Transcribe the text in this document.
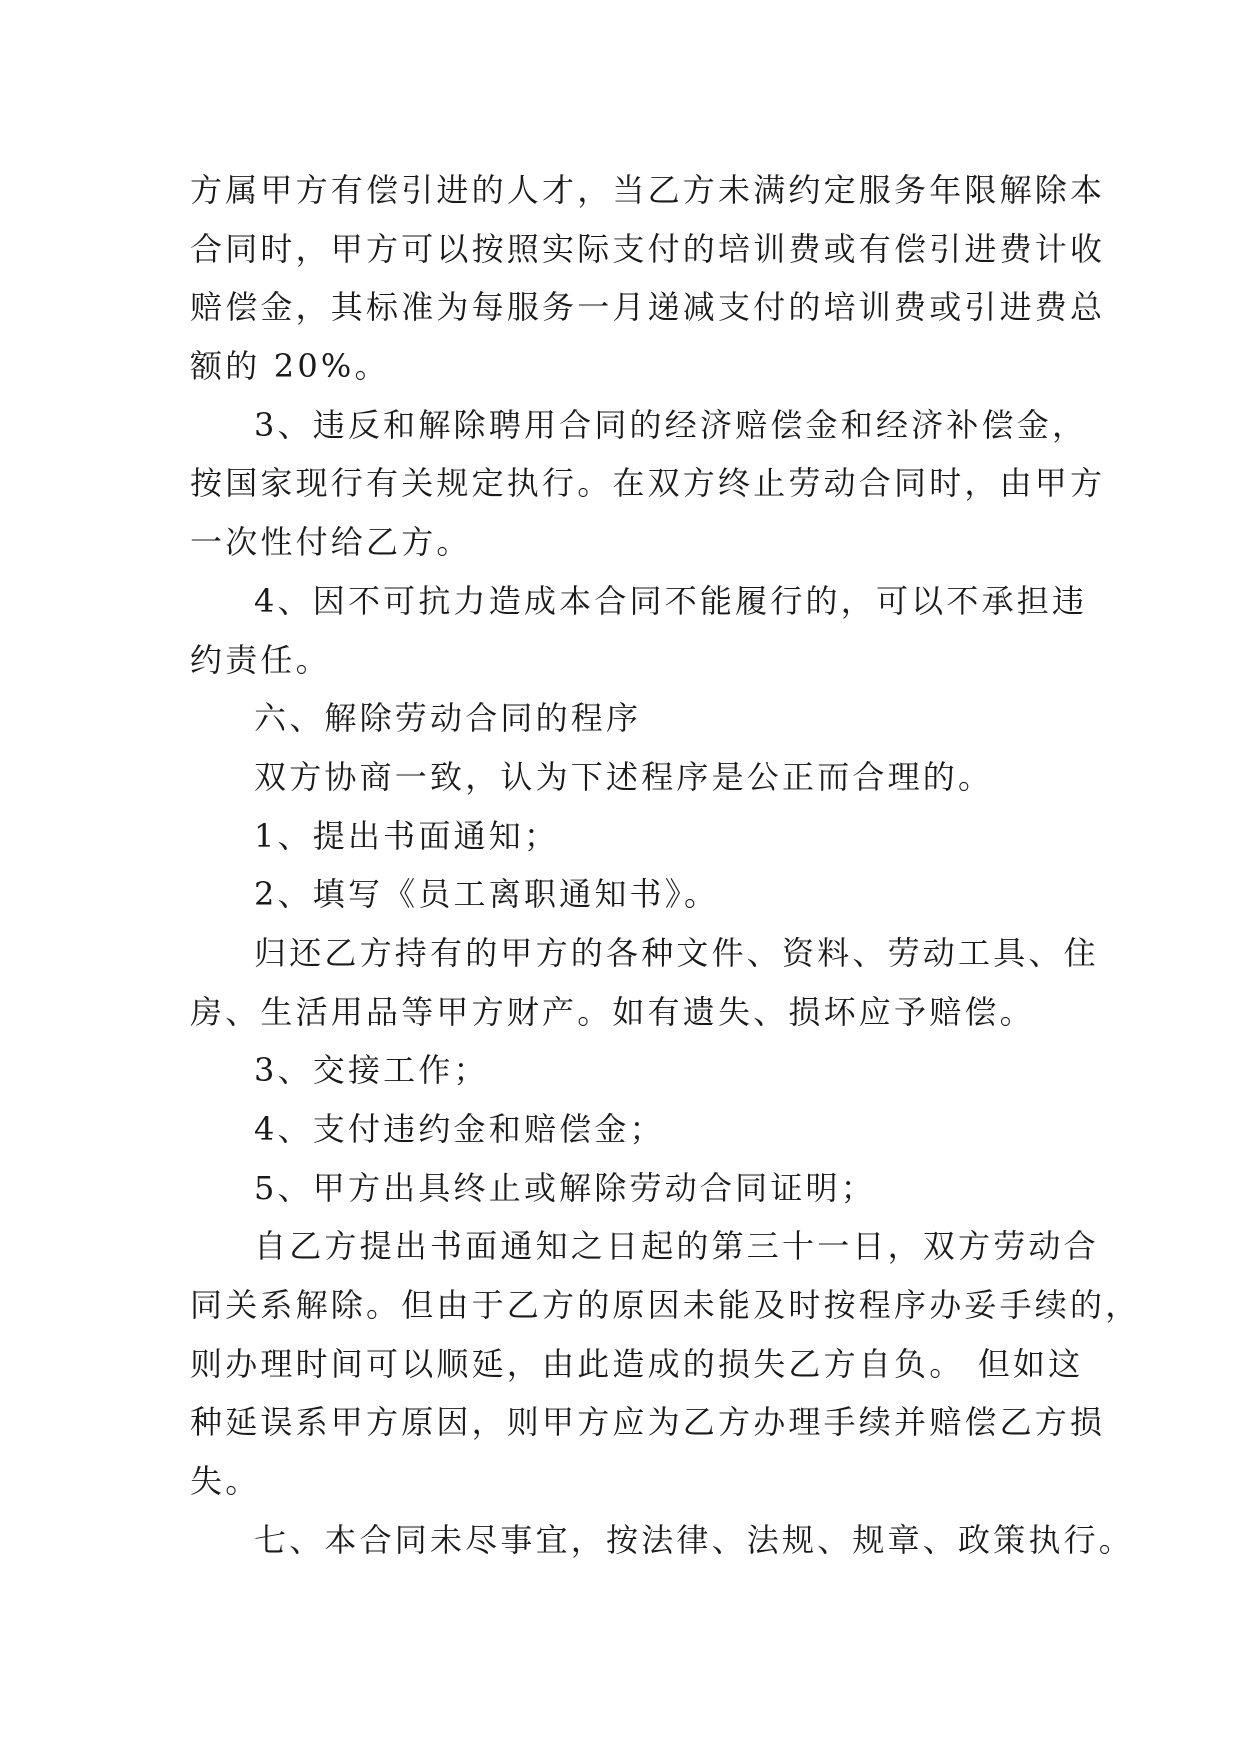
方属甲方有偿引进的人才，当乙方未满约定服务年限解除本
合同时，甲方可以按照实际支付的培训费或有偿引进费计收
赔偿金，其标准为每服务一月递减支付的培训费或引进费总
额的 20%。
3、违反和解除聘用合同的经济赔偿金和经济补偿金，
按国家现行有关规定执行。在双方终止劳动合同时，由甲方
一次性付给乙方。
4、因不可抗力造成本合同不能履行的，可以不承担违
约责任。
六、解除劳动合同的程序
双方协商一致，认为下述程序是公正而合理的。
1、提出书面通知；
2、填写《员工离职通知书》。
归还乙方持有的甲方的各种文件、资料、劳动工具、住
房、生活用品等甲方财产。如有遗失、损坏应予赔偿。
3、交接工作；
4、支付违约金和赔偿金；
5、甲方出具终止或解除劳动合同证明；
自乙方提出书面通知之日起的第三十一日，双方劳动合
同关系解除。但由于乙方的原因未能及时按程序办妥手续的，
则办理时间可以顺延，由此造成的损失乙方自负。 但如这
种延误系甲方原因，则甲方应为乙方办理手续并赔偿乙方损
失。
七、本合同未尽事宜，按法律、法规、规章、政策执行。
